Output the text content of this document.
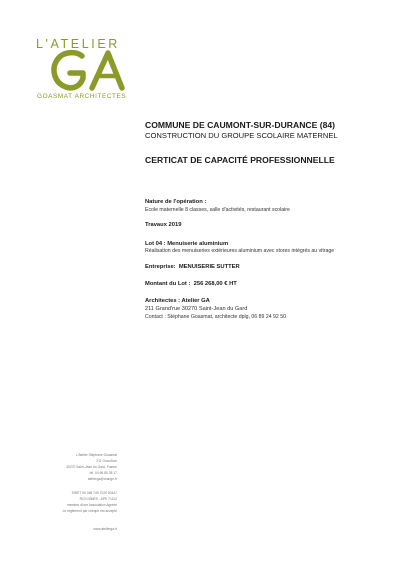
L'ATELIER
GOASMAT ARCHITECTES
COMMUNE DE CAUMONT-SUR-DURANCE (84)
CONSTRUCTION DU GROUPE SCOLAIRE MATERNEL
CERTICAT DE CAPACITÉ PROFESSIONNELLE
Nature de l'opération :
Ecole maternelle 8 classes, salle d'activités, restaurant scolaire
Travaux 2019
Lot 04 : Menuiserie aluminium
Réalisation des menuiseries extérieures aluminium avec stores intégrés au vitrage
Entreprise: MENUISERIE SUTTER
Montant du Lot : 256 268,00 € HT
Architectes : Atelier GA
211 Grand'rue 30270 Saint-Jean du Gard
Contact : Stéphane Goasmat, architecte dplg, 06 89 24 92 50
L'Atelier Stéphane Goasmat
211 Grand'rue
30270 Saint-Jean du Gard, France
tél. 04 66 85 38 17
atelierga@orange.fr
SIRET 50 048 745 7020 00447
RCS NÎMES - APE 7111Z
membre d'une Association Agréée
Le règlement par chèque est accepté
www.atelierga.fr
